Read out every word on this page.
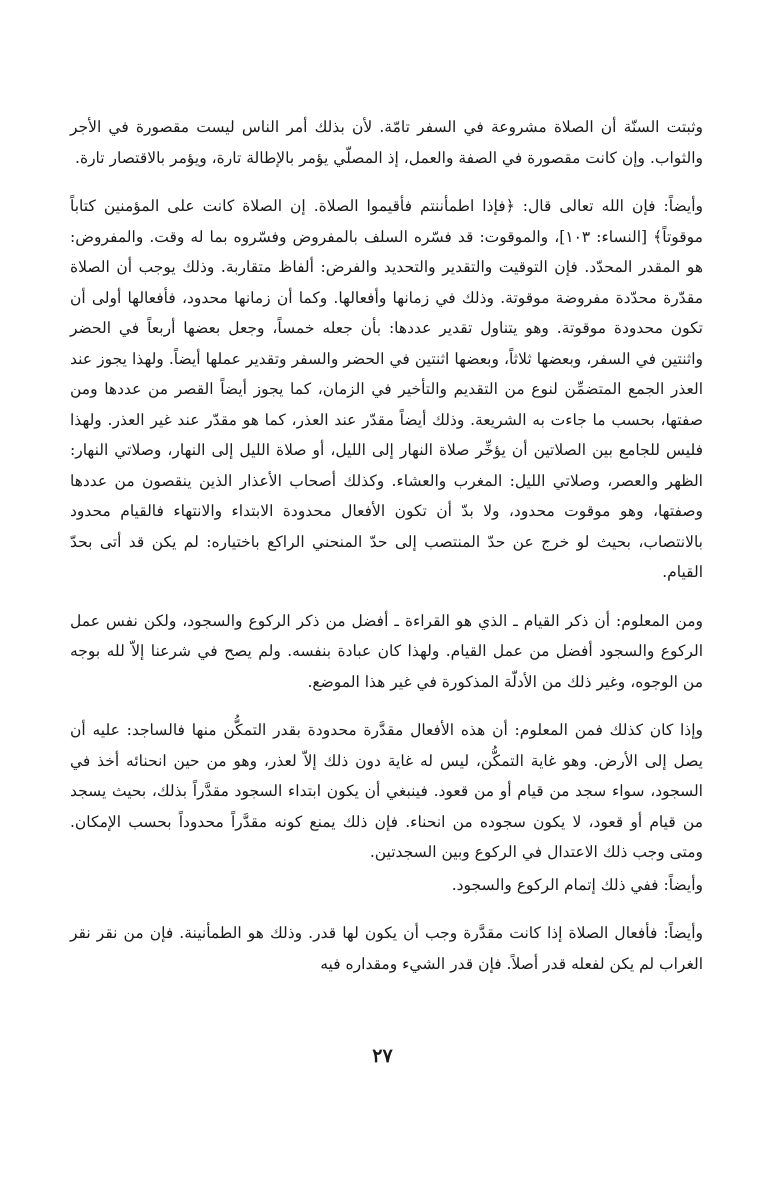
وثبتت السنّة أن الصلاة مشروعة في السفر تامّة. لأن بذلك أمر الناس ليست مقصورة في الأجر والثواب. وإن كانت مقصورة في الصفة والعمل، إذ المصلّي يؤمر بالإطالة تارة، ويؤمر بالاقتصار تارة.

وأيضاً: فإن الله تعالى قال: ﴿فإذا اطمأننتم فأقيموا الصلاة. إن الصلاة كانت على المؤمنين كتاباً موقوتاً﴾ [النساء: ١٠٣]، والموقوت: قد فسّره السلف بالمفروض وفسّروه بما له وقت. والمفروض: هو المقدر المحدّد. فإن التوقيت والتقدير والتحديد والفرض: ألفاظ متقاربة. وذلك يوجب أن الصلاة مقدّرة محدّدة مفروضة موقوتة. وذلك في زمانها وأفعالها. وكما أن زمانها محدود، فأفعالها أولى أن تكون محدودة موقوتة. وهو يتناول تقدير عددها: بأن جعله خمساً، وجعل بعضها أربعاً في الحضر واثنتين في السفر، وبعضها ثلاثاً، وبعضها اثنتين في الحضر والسفر وتقدير عملها أيضاً. ولهذا يجوز عند العذر الجمع المتضمِّن لنوع من التقديم والتأخير في الزمان، كما يجوز أيضاً القصر من عددها ومن صفتها، بحسب ما جاءت به الشريعة. وذلك أيضاً مقدّر عند العذر، كما هو مقدّر عند غير العذر. ولهذا فليس للجامع بين الصلاتين أن يؤخِّر صلاة النهار إلى الليل، أو صلاة الليل إلى النهار، وصلاتي النهار: الظهر والعصر، وصلاتي الليل: المغرب والعشاء. وكذلك أصحاب الأعذار الذين ينقصون من عددها وصفتها، وهو موقوت محدود، ولا بدّ أن تكون الأفعال محدودة الابتداء والانتهاء فالقيام محدود بالانتصاب، بحيث لو خرج عن حدّ المنتصب إلى حدّ المنحني الراكع باختياره: لم يكن قد أتى بحدّ القيام.

ومن المعلوم: أن ذكر القيام ـ الذي هو القراءة ـ أفضل من ذكر الركوع والسجود، ولكن نفس عمل الركوع والسجود أفضل من عمل القيام. ولهذا كان عبادة بنفسه. ولم يصح في شرعنا إلاّ لله بوجه من الوجوه، وغير ذلك من الأدلّة المذكورة في غير هذا الموضع.

وإذا كان كذلك فمن المعلوم: أن هذه الأفعال مقدَّرة محدودة بقدر التمكُّن منها فالساجد: عليه أن يصل إلى الأرض. وهو غاية التمكُّن، ليس له غاية دون ذلك إلاّ لعذر، وهو من حين انحنائه أخذ في السجود، سواء سجد من قيام أو من قعود. فينبغي أن يكون ابتداء السجود مقدَّراً بذلك، بحيث يسجد من قيام أو قعود، لا يكون سجوده من انحناء. فإن ذلك يمنع كونه مقدَّراً محدوداً بحسب الإمكان. ومتى وجب ذلك الاعتدال في الركوع وبين السجدتين.

وأيضاً: ففي ذلك إتمام الركوع والسجود.

وأيضاً: فأفعال الصلاة إذا كانت مقدَّرة وجب أن يكون لها قدر. وذلك هو الطمأنينة. فإن من نقر نقر الغراب لم يكن لفعله قدر أصلاً. فإن قدر الشيء ومقداره فيه

٢٧
